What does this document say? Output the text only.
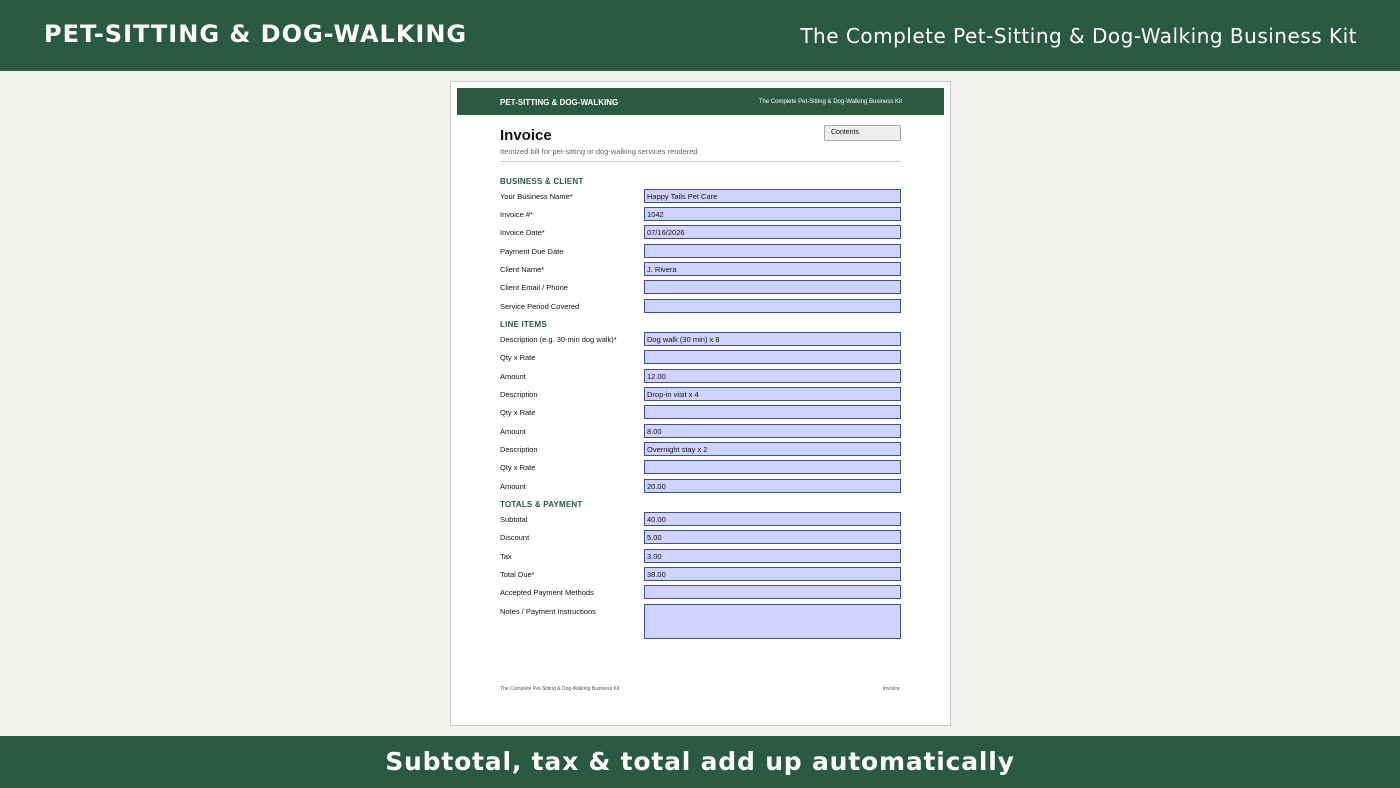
PET-SITTING & DOG-WALKING	The Complete Pet-Sitting & Dog-Walking Business Kit
PET-SITTING & DOG-WALKING	The Complete Pet-Sitting & Dog-Walking Business Kit
Invoice
Itemized bill for pet-sitting or dog-walking services rendered.
Contents
BUSINESS & CLIENT
Your Business Name*	Happy Tails Pet Care
Invoice #*	1042
Invoice Date*	07/16/2026
Payment Due Date
Client Name*	J. Rivera
Client Email / Phone
Service Period Covered
LINE ITEMS
Description (e.g. 30-min dog walk)*	Dog walk (30 min) x 8
Qty x Rate
Amount	12.00
Description	Drop-in visit x 4
Qty x Rate
Amount	8.00
Description	Overnight stay x 2
Qty x Rate
Amount	20.00
TOTALS & PAYMENT
Subtotal	40.00
Discount	5.00
Tax	3.00
Total Due*	38.00
Accepted Payment Methods
Notes / Payment Instructions
The Complete Pet-Sitting & Dog-Walking Business Kit	Invoice
Subtotal, tax & total add up automatically
